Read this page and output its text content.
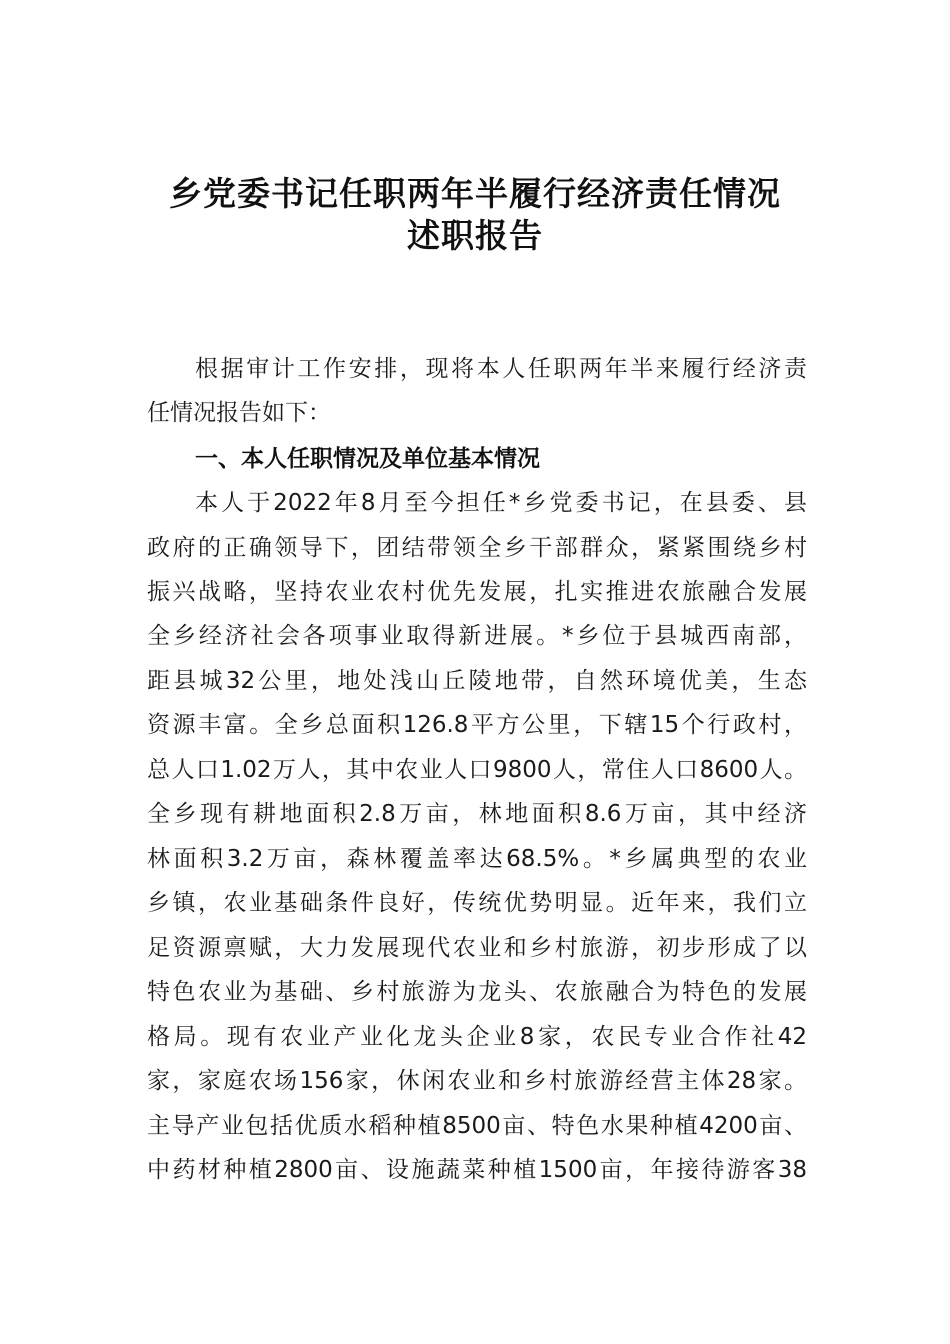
乡党委书记任职两年半履行经济责任情况
述职报告
根据审计工作安排，现将本人任职两年半来履行经济责
任情况报告如下：
一、本人任职情况及单位基本情况
本人于2022年8月至今担任*乡党委书记，在县委、县
政府的正确领导下，团结带领全乡干部群众，紧紧围绕乡村
振兴战略，坚持农业农村优先发展，扎实推进农旅融合发展
全乡经济社会各项事业取得新进展。*乡位于县城西南部，
距县城32公里，地处浅山丘陵地带，自然环境优美，生态
资源丰富。全乡总面积126.8平方公里，下辖15个行政村，
总人口1.02万人，其中农业人口9800人，常住人口8600人。
全乡现有耕地面积2.8万亩，林地面积8.6万亩，其中经济
林面积3.2万亩，森林覆盖率达68.5%。*乡属典型的农业
乡镇，农业基础条件良好，传统优势明显。近年来，我们立
足资源禀赋，大力发展现代农业和乡村旅游，初步形成了以
特色农业为基础、乡村旅游为龙头、农旅融合为特色的发展
格局。现有农业产业化龙头企业8家，农民专业合作社42
家，家庭农场156家，休闲农业和乡村旅游经营主体28家。
主导产业包括优质水稻种植8500亩、特色水果种植4200亩、
中药材种植2800亩、设施蔬菜种植1500亩，年接待游客38
